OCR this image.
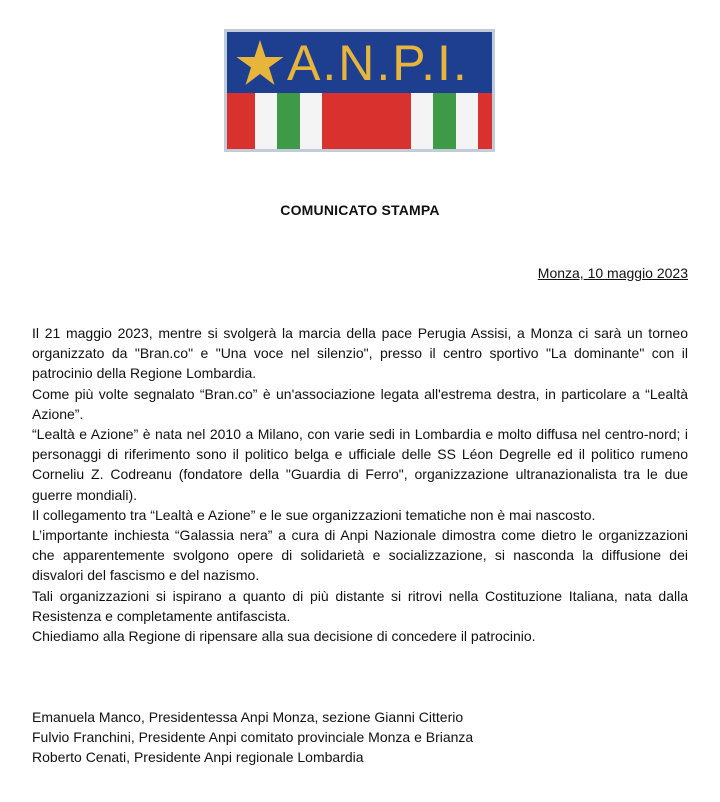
A.N.P.I.
COMUNICATO STAMPA
Monza, 10 maggio 2023

Il 21 maggio 2023, mentre si svolgerà la marcia della pace Perugia Assisi, a Monza ci sarà un torneo organizzato da "Bran.co" e "Una voce nel silenzio", presso il centro sportivo "La dominante" con il patrocinio della Regione Lombardia.

Come più volte segnalato “Bran.co” è un'associazione legata all'estrema destra, in particolare a “Lealtà Azione”.

“Lealtà e Azione” è nata nel 2010 a Milano, con varie sedi in Lombardia e molto diffusa nel centro-nord; i personaggi di riferimento sono il politico belga e ufficiale delle SS Léon Degrelle ed il politico rumeno Corneliu Z. Codreanu (fondatore della "Guardia di Ferro", organizzazione ultranazionalista tra le due guerre mondiali).

Il collegamento tra “Lealtà e Azione” e le sue organizzazioni tematiche non è mai nascosto.

L’importante inchiesta “Galassia nera” a cura di Anpi Nazionale dimostra come dietro le organizzazioni che apparentemente svolgono opere di solidarietà e socializzazione, si nasconda la diffusione dei disvalori del fascismo e del nazismo.

Tali organizzazioni si ispirano a quanto di più distante si ritrovi nella Costituzione Italiana, nata dalla Resistenza e completamente antifascista.

Chiediamo alla Regione di ripensare alla sua decisione di concedere il patrocinio.

Emanuela Manco, Presidentessa Anpi Monza, sezione Gianni Citterio
Fulvio Franchini, Presidente Anpi comitato provinciale Monza e Brianza
Roberto Cenati, Presidente Anpi regionale Lombardia
